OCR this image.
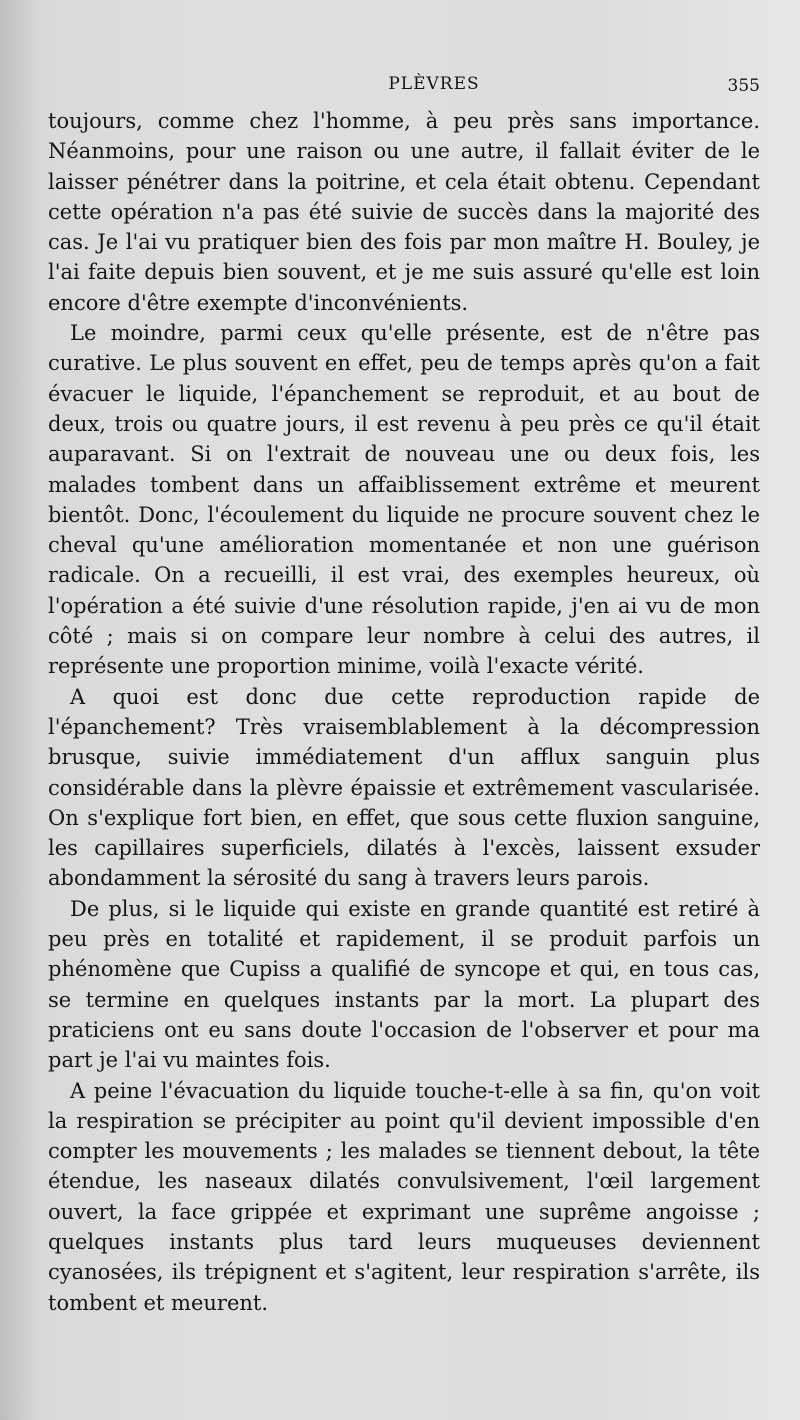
PLÈVRES	355

toujours, comme chez l'homme, à peu près sans importance. Néanmoins, pour une raison ou une autre, il fallait éviter de le laisser pénétrer dans la poitrine, et cela était obtenu. Cependant cette opération n'a pas été suivie de succès dans la majorité des cas. Je l'ai vu pratiquer bien des fois par mon maître H. Bouley, je l'ai faite depuis bien souvent, et je me suis assuré qu'elle est loin encore d'être exempte d'inconvénients.

Le moindre, parmi ceux qu'elle présente, est de n'être pas curative. Le plus souvent en effet, peu de temps après qu'on a fait évacuer le liquide, l'épanchement se reproduit, et au bout de deux, trois ou quatre jours, il est revenu à peu près ce qu'il était auparavant. Si on l'extrait de nouveau une ou deux fois, les malades tombent dans un affaiblissement extrême et meurent bientôt. Donc, l'écoulement du liquide ne procure souvent chez le cheval qu'une amélioration momentanée et non une guérison radicale. On a recueilli, il est vrai, des exemples heureux, où l'opération a été suivie d'une résolution rapide, j'en ai vu de mon côté ; mais si on compare leur nombre à celui des autres, il représente une proportion minime, voilà l'exacte vérité.

A quoi est donc due cette reproduction rapide de l'épanchement? Très vraisemblablement à la décompression brusque, suivie immédiatement d'un afflux sanguin plus considérable dans la plèvre épaissie et extrêmement vascularisée. On s'explique fort bien, en effet, que sous cette fluxion sanguine, les capillaires superficiels, dilatés à l'excès, laissent exsuder abondamment la sérosité du sang à travers leurs parois.

De plus, si le liquide qui existe en grande quantité est retiré à peu près en totalité et rapidement, il se produit parfois un phénomène que Cupiss a qualifié de syncope et qui, en tous cas, se termine en quelques instants par la mort. La plupart des praticiens ont eu sans doute l'occasion de l'observer et pour ma part je l'ai vu maintes fois.

A peine l'évacuation du liquide touche-t-elle à sa fin, qu'on voit la respiration se précipiter au point qu'il devient impossible d'en compter les mouvements ; les malades se tiennent debout, la tête étendue, les naseaux dilatés convulsivement, l'œil largement ouvert, la face grippée et exprimant une suprême angoisse ; quelques instants plus tard leurs muqueuses deviennent cyanosées, ils trépignent et s'agitent, leur respiration s'arrête, ils tombent et meurent.
